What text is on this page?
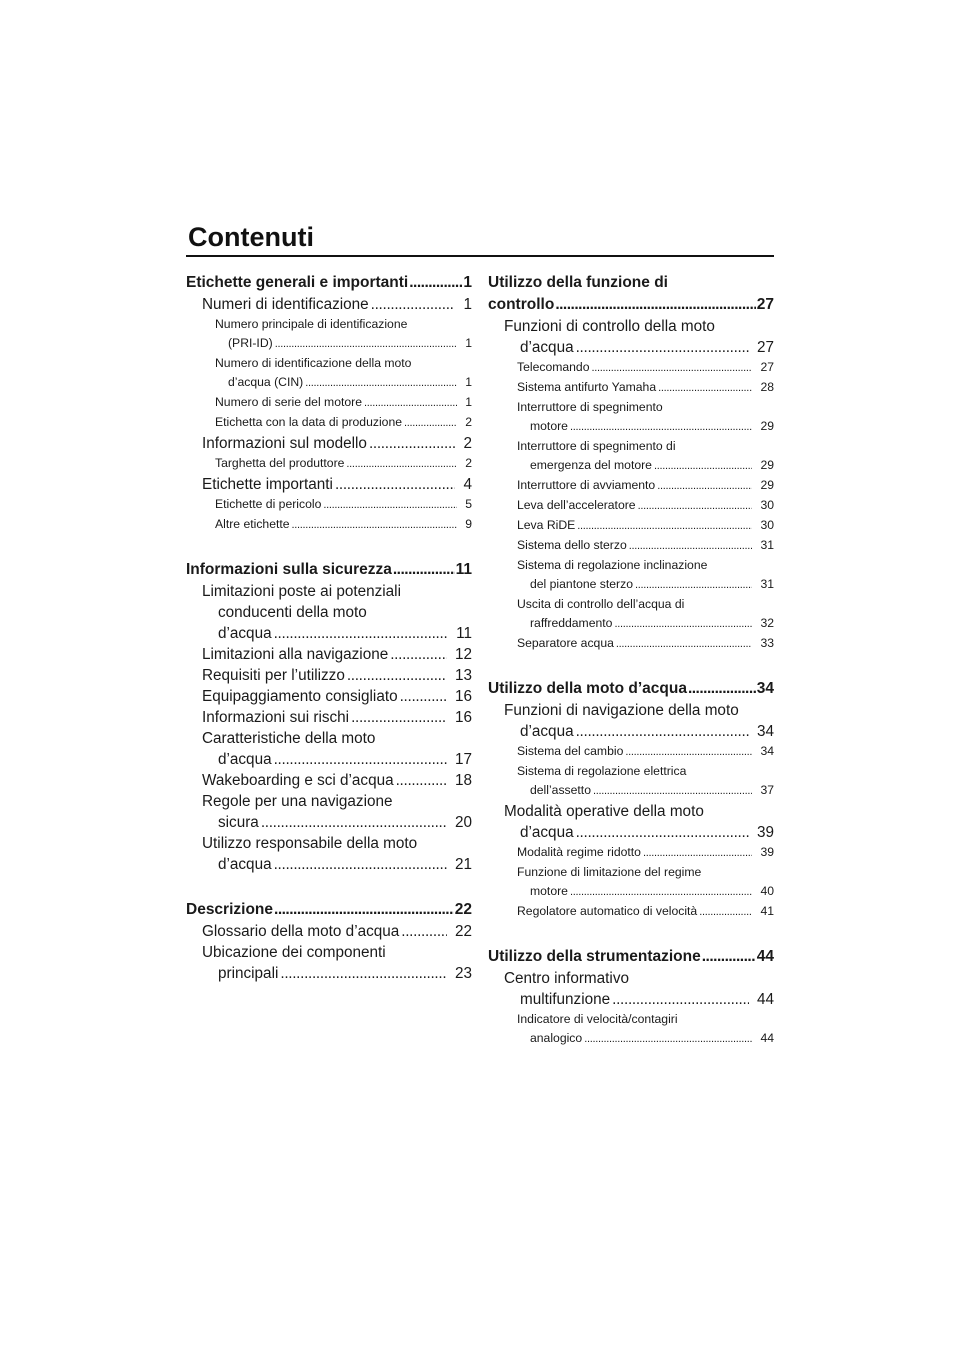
Contenuti
Etichette generali e importanti .....	1
Numeri di identificazione .....	1
Numero principale di identificazione
(PRI-ID) .....	1
Numero di identificazione della moto
d’acqua (CIN) .....	1
Numero di serie del motore .....	1
Etichetta con la data di produzione .....	2
Informazioni sul modello .....	2
Targhetta del produttore .....	2
Etichette importanti .....	4
Etichette di pericolo .....	5
Altre etichette .....	9
Informazioni sulla sicurezza .....	11
Limitazioni poste ai potenziali
conducenti della moto
d’acqua .....	11
Limitazioni alla navigazione .....	12
Requisiti per l’utilizzo .....	13
Equipaggiamento consigliato .....	16
Informazioni sui rischi .....	16
Caratteristiche della moto
d’acqua .....	17
Wakeboarding e sci d’acqua .....	18
Regole per una navigazione
sicura .....	20
Utilizzo responsabile della moto
d’acqua .....	21
Descrizione .....	22
Glossario della moto d’acqua .....	22
Ubicazione dei componenti
principali .....	23
Utilizzo della funzione di
controllo .....	27
Funzioni di controllo della moto
d’acqua .....	27
Telecomando .....	27
Sistema antifurto Yamaha .....	28
Interruttore di spegnimento
motore .....	29
Interruttore di spegnimento di
emergenza del motore .....	29
Interruttore di avviamento .....	29
Leva dell’acceleratore .....	30
Leva RiDE .....	30
Sistema dello sterzo .....	31
Sistema di regolazione inclinazione
del piantone sterzo .....	31
Uscita di controllo dell’acqua di
raffreddamento .....	32
Separatore acqua .....	33
Utilizzo della moto d’acqua .....	34
Funzioni di navigazione della moto
d’acqua .....	34
Sistema del cambio .....	34
Sistema di regolazione elettrica
dell’assetto .....	37
Modalità operative della moto
d’acqua .....	39
Modalità regime ridotto .....	39
Funzione di limitazione del regime
motore .....	40
Regolatore automatico di velocità .....	41
Utilizzo della strumentazione .....	44
Centro informativo
multifunzione .....	44
Indicatore di velocità/contagiri
analogico .....	44
